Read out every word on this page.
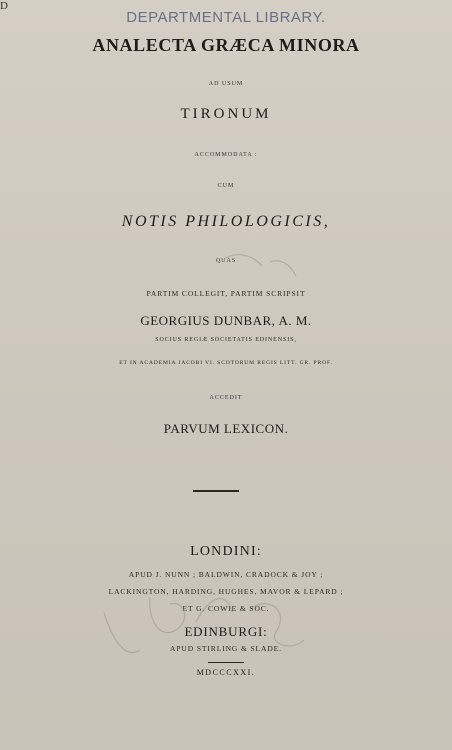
D
DEPARTMENTAL LIBRARY.
ANALECTA GRÆCA MINORA
AD USUM
TIRONUM
ACCOMMODATA :
CUM
NOTIS PHILOLOGICIS,
QUAS
PARTIM COLLEGIT, PARTIM SCRIPSIT
GEORGIUS DUNBAR, A. M.
SOCIUS REGIÆ SOCIETATIS EDINENSIS,
ET IN ACADEMIA JACOBI VI. SCOTORUM REGIS LITT. GR. PROF.
ACCEDIT
PARVUM LEXICON.
LONDINI:
APUD J. NUNN ; BALDWIN, CRADOCK & JOY ;
LACKINGTON, HARDING, HUGHES, MAVOR & LEPARD ;
ET G. COWIE & SOC.
EDINBURGI:
APUD STIRLING & SLADE.
MDCCCXXI.
